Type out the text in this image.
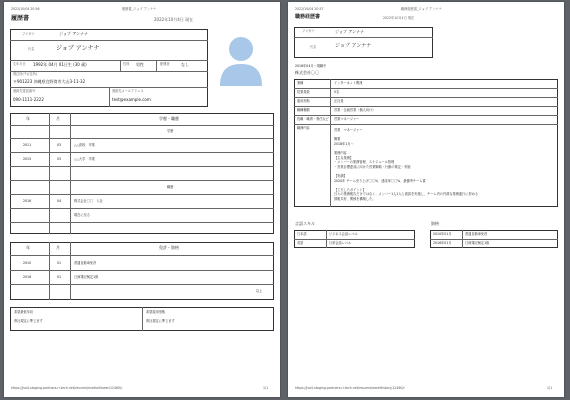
2022/10/04 20:56	履歴書_ジョブ アンナナ
履歴書	2022年10月4日 現在
フリガナ	ジョブ アンナナ
氏名	ジョブ アンナナ
生年月日 1992年 04月 01日生 (30 歳)	性別 男性	配偶者	なし
現住所(〒)(住所)
〒901223 沖縄県宜野湾市大山3-11-32
連絡先電話番号
090-1111-2222
連絡先メールアドレス
test@example.com
年	月	学歴・職歴
学歴
2011	03	△△高校　卒業
2015	03	△△大学　卒業
職歴
2016	04	株式会社〇〇　入社
現在に至る
年	月	免許・資格
2010	01	普通自動車免許
2016	01	日商簿記検定1級
以上
希望最低年収
貴社規定に準じます
希望雇用形態
貴社規定に準じます
https://jso4-staging.partners.ri-tech.net/resume/mediaViewer/12460/r	1/1
2022/10/04 20:57	職務経歴書_ジョブ アンナナ
職務経歴書	2022年10月4日 現在
フリガナ	ジョブ アンナナ
氏名	ジョブ アンナナ
2016年04月～現職中
株式会社〇〇
業種	インターネット関連
従業員数	5名
雇用形態	正社員
職種種類	営業・企画営業（個人向け）
役職・職責・責任など 営業マネージャー
職務内容	営業　マネージャー
概要
2018年1月～
業務内容
【主な業務】
・メンバーの業務管理、スケジュール管理
・営業目標達成に向けた営業戦略・行動の策定・実施
【実績】
2020年 チーム売り上げ〇〇%、達成率〇〇%、最優秀チーム賞
【工夫したポイント】
日々の業務報告だけではなく、メンバー1人1人と面談を実施し、チーム内の円滑な業務遂行に努める
情報共有、関係を構築した。
言語スキル
日本語	ビジネス会話レベル
英語	日常会話レベル
資格
2010年01月	普通自動車免許
2016年01月	日商簿記検定1級
https://jso4-staging.partners.ri-tech.net/resume/workHistory/12460/r	1/1
